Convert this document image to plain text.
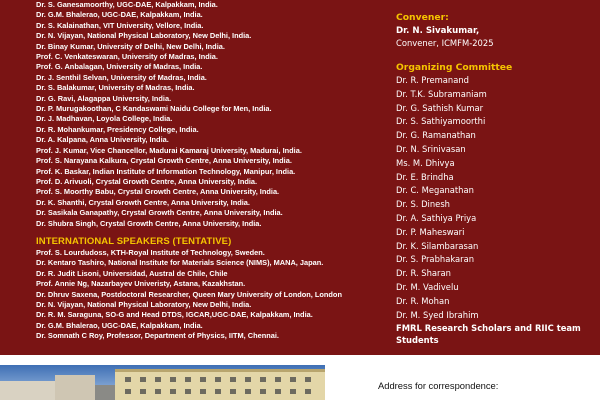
Dr. S. Ganesamoorthy, UGC-DAE, Kalpakkam, India.
Dr. G.M. Bhalerao, UGC-DAE, Kalpakkam, India.
Dr. S. Kalainathan, VIT University, Vellore, India.
Dr. N. Vijayan, National Physical Laboratory, New Delhi, India.
Dr. Binay Kumar, University of Delhi, New Delhi, India.
Prof. C. Venkateswaran, University of Madras, India.
Prof. G. Anbalagan, University of Madras, India.
Dr. J. Senthil Selvan, University of Madras, India.
Dr. S. Balakumar, University of Madras, India.
Dr. G. Ravi, Alagappa University, India.
Dr. P. Murugakoothan, C Kandaswami Naidu College for Men, India.
Dr. J. Madhavan, Loyola College, India.
Dr. R. Mohankumar, Presidency College, India.
Dr. A. Kalpana, Anna University, India.
Prof. J. Kumar, Vice Chancellor, Madurai Kamaraj University, Madurai, India.
Prof. S. Narayana Kalkura, Crystal Growth Centre, Anna University, India.
Prof. K. Baskar, Indian Institute of Information Technology, Manipur, India.
Prof. D. Arivuoli, Crystal Growth Centre, Anna University, India.
Prof. S. Moorthy Babu, Crystal Growth Centre, Anna University, India.
Dr. K. Shanthi, Crystal Growth Centre, Anna University, India.
Dr. Sasikala Ganapathy, Crystal Growth Centre, Anna University, India.
Dr. Shubra Singh, Crystal Growth Centre, Anna University, India.
INTERNATIONAL SPEAKERS (TENTATIVE)
Prof. S. Lourdudoss, KTH-Royal Institute of Technology, Sweden.
Dr. Kentaro Tashiro, National Institute for Materials Science (NIMS), MANA, Japan.
Dr. R. Judit Lisoni, Universidad, Austral de Chile, Chile
Prof. Annie Ng, Nazarbayev Univeristy, Astana, Kazakhstan.
Dr. Dhruv Saxena, Postdoctoral Researcher, Queen Mary University of London, London
Dr. N. Vijayan, National Physical Laboratory, New Delhi, India.
Dr. R. M. Saraguna, SO-G and Head DTDS, IGCAR,UGC-DAE, Kalpakkam, India.
Dr. G.M. Bhalerao, UGC-DAE, Kalpakkam, India.
Dr. Somnath C Roy, Professor, Department of Physics, IITM, Chennai.
Convener:
Dr. N. Sivakumar,
Convener, ICMFM-2025
Organizing Committee
Dr. R. Premanand
Dr. T.K. Subramaniam
Dr. G. Sathish Kumar
Dr. S. Sathiyamoorthi
Dr. G. Ramanathan
Dr. N. Srinivasan
Ms. M. Dhivya
Dr. E. Brindha
Dr. C. Meganathan
Dr. S. Dinesh
Dr. A. Sathiya Priya
Dr. P. Maheswari
Dr. K. Silambarasan
Dr. S. Prabhakaran
Dr. R. Sharan
Dr. M. Vadivelu
Dr. R. Mohan
Dr. M. Syed Ibrahim
FMRL Research Scholars and RIIC team Students
Address for correspondence:
